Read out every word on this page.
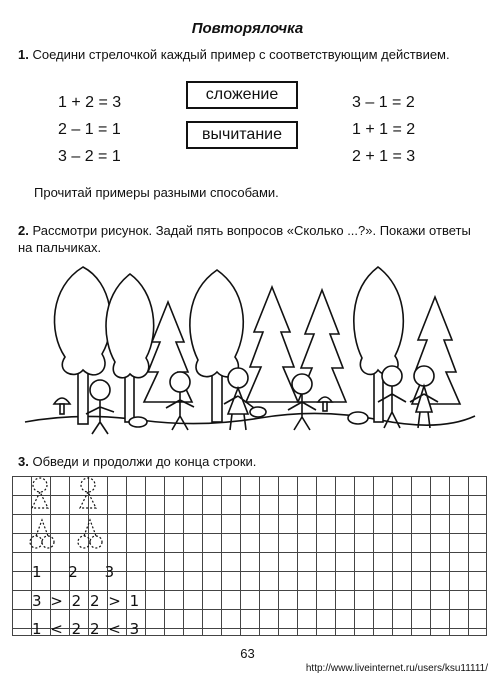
Повторялочка
1. Соедини стрелочкой каждый пример с соответствующим действием.
1 + 2 = 3
2 – 1 = 1
3 – 2 = 1
сложение
вычитание
3 – 1 = 2
1 + 1 = 2
2 + 1 = 3
Прочитай примеры разными способами.
2. Рассмотри рисунок. Задай пять вопросов «Сколько ...?». Покажи ответы на пальчиках.
3. Обведи и продолжи до конца строки.
1 2 3
3 > 2 2 > 1
1 < 2 2 < 3
63
http://www.liveinternet.ru/users/ksu11111/
